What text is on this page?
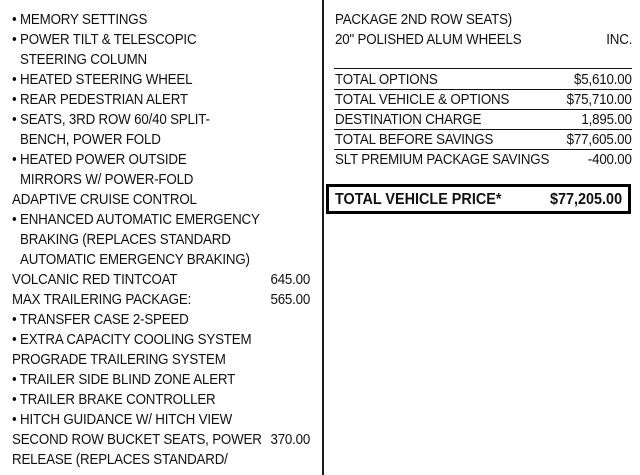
• MEMORY SETTINGS
• POWER TILT & TELESCOPIC
STEERING COLUMN
• HEATED STEERING WHEEL
• REAR PEDESTRIAN ALERT
• SEATS, 3RD ROW 60/40 SPLIT-
BENCH, POWER FOLD
• HEATED POWER OUTSIDE
MIRRORS W/ POWER-FOLD
ADAPTIVE CRUISE CONTROL
• ENHANCED AUTOMATIC EMERGENCY
BRAKING (REPLACES STANDARD
AUTOMATIC EMERGENCY BRAKING)
VOLCANIC RED TINTCOAT	645.00
MAX TRAILERING PACKAGE:	565.00
• TRANSFER CASE 2-SPEED
• EXTRA CAPACITY COOLING SYSTEM
PROGRADE TRAILERING SYSTEM
• TRAILER SIDE BLIND ZONE ALERT
• TRAILER BRAKE CONTROLLER
• HITCH GUIDANCE W/ HITCH VIEW
SECOND ROW BUCKET SEATS, POWER 370.00
RELEASE (REPLACES STANDARD/
PACKAGE 2ND ROW SEATS)
20" POLISHED ALUM WHEELS	INC.
TOTAL OPTIONS	$5,610.00
TOTAL VEHICLE & OPTIONS	$75,710.00
DESTINATION CHARGE	1,895.00
TOTAL BEFORE SAVINGS	$77,605.00
SLT PREMIUM PACKAGE SAVINGS	-400.00
TOTAL VEHICLE PRICE*	$77,205.00
